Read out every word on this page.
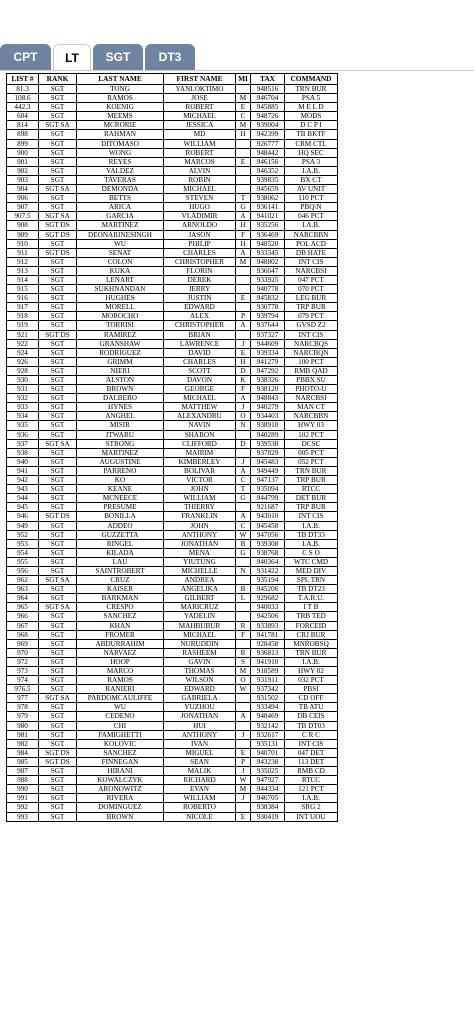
CPT	LT	SGT	DT3
LIST #	RANK	LAST NAME	FIRST NAME	MI	TAX	COMMAND
81.3	SGT	TONG	YANLOKTIMO		948516	TRN BUR
108.6	SGT	RAMOS	JOSE	M	946704	PSA 5
442.3	SGT	KOENIG	ROBERT	E	945885	M E L D
604	SGT	MEEMS	MICHAEL	C	948726	MODS
814	SGT SA	MCRORIE	JESSICA	M	939004	D C P I
898	SGT	RAHMAN	MD	H	942399	TB BKTF
899	SGT	DITOMASO	WILLIAM		926777	CRM CTL
900	SGT	WONG	ROBERT		948442	HQ SEC
901	SGT	REYES	MARCOS	E	946156	PSA 3
902	SGT	VALDEZ	ALVIN		946352	I.A.B.
903	SGT	TAVERAS	ROBIN		939835	BX CT
904	SGT SA	DEMONDA	MICHAEL		945659	AV UNIT
906	SGT	BETTS	STEVEN	T	938062	110 PCT
907	SGT	ARICA	HUGO	G	936141	PBQ\N
907.5	SGT SA	GARCIA	VLADIMIR	A	941021	046 PCT
908	SGT DS	MARTINEZ	ARNOLDO	H	935256	I.A.B.
909	SGT DS	DEONARINESINGH	JASON	F	936469	NARCBBN
910	SGT	WU	PHILIP	H	948520	POL ACD
911	SGT DS	SENAT	CHARLES	A	933345	DB HATE
912	SGT	COLON	CHRISTOPHER	M	948802	INT CIS
913	SGT	KUKA	FLORIN		936047	NARCBSI
914	SGT	LENART	DEREK		933925	047 PCT
915	SGT	SUKHNANDAN	JERRY		940778	070 PCT
916	SGT	HUGHES	JUSTIN	E	945832	LEG BUR
917	SGT	MORELL	EDWARD		930778	TRP BUR
918	SGT	MOROCHO	ALEX	P	939794	079 PCT
919	SGT	TORRISI	CHRISTOPHER	A	937644	GVSD Z2
921	SGT DS	RAMIREZ	BRIAN		937327	INT CIS
922	SGT	GRANSHAW	LAWRENCE	J	944609	NARCBQS
924	SGT	RODRIGUEZ	DAVID	E	939334	NARCBQN
926	SGT	GRIMM	CHARLES	H	941279	100 PCT
928	SGT	NIERI	SCOTT	D	947292	RMB QAD
930	SGT	ALSTON	DAVON	K	938326	PBBX SU
931	SGT	BROWN	GEORGE	F	938120	PHOTO-U
932	SGT	DALBERO	MICHAEL	A	948843	NARCBSI
933	SGT	HYNES	MATTHEW	J	940279	MAN CT
934	SGT	ANGHEL	ALEXANDRU	O	934403	NARCBBN
935	SGT	MISIR	NAVIN	N	938910	HWY 03
936	SGT	ITWARU	SHARON		940289	102 PCT
937	SGT SA	STRONG	CLIFFORD	D	939538	DCSC
938	SGT	MARTINEZ	MAIRIM		937829	005 PCT
940	SGT	AUGUSTINE	KIMBERLEY	J	945483	052 PCT
941	SGT	PARRENO	BOLIVAR	A	949449	TRN BUR
942	SGT	KO	VICTOR	C	947137	TRP BUR
943	SGT	KEANE	JOHN	T	935094	RTCC
944	SGT	MCNEECE	WILLIAM	G	944799	DET BUR
945	SGT	PRESUME	THIERRY		921687	TRP BUR
946	SGT DS	BONILLA	FRANKLIN	A	943010	INT CIS
949	SGT	ADDEO	JOHN	C	945458	I.A.B.
952	SGT	GUZZETTA	ANTHONY	W	947056	TB DT33
953	SGT	RINGEL	JONATHAN	B	939308	I.A.B.
954	SGT	KILADA	MENA	G	938768	C S O
955	SGT	LAU	YIUTUNG		940364	WTC CMD
956	SGT	SAINTROBERT	MICHELLE	N	931422	MED DIV
962	SGT SA	CRUZ	ANDREA		935194	SPL TRN
963	SGT	KAISER	ANGELIKA	B	945206	TB DT23
964	SGT	BARKMAN	GILBERT	L	929682	T.A.R.U.
965	SGT SA	CRESPO	MARICRUZ		940033	I T B
966	SGT	SANCHEZ	YADELIN		942506	TRB TED
967	SGT	KHAN	MAHBUBUR	R	933893	FORCEID
968	SGT	FROMER	MICHAEL	F	941781	CRJ BUR
969	SGT	ABDURRAHIM	NURUDDIN		928458	MNROBSQ
970	SGT	NARVAEZ	RASHEEM	R	936813	TRN BUR
972	SGT	HOOP	GAVIN	S	941910	I.A.B.
973	SGT	MARCO	THOMAS	M	918589	HWY 02
974	SGT	RAMOS	WILSON	O	931911	032 PCT
976.5	SGT	RANIERI	EDWARD	W	937342	PBSI
977	SGT SA	PARDOMCAULIFFE	GABRIELA		931502	CD OFF
978	SGT	WU	YUZHOU		933494	TB ATU
979	SGT	CEDENO	JONATHAN	A	948469	DB CEIS
980	SGT	CHI	HUI		932142	TB DT03
981	SGT	FAMIGHETTI	ANTHONY	J	932617	C R C
982	SGT	KOLOVIC	IVAN		935131	INT CIS
984	SGT DS	SANCHEZ	MIGUEL	E	940701	047 DET
985	SGT DS	FINNEGAN	SEAN	P	943238	113 DET
987	SGT	HIRANI	MALIK	J	935025	RMB CD
988	SGT	KOWALCZYK	RICHARD	W	947927	RTCC
990	SGT	ARONOWITZ	EVAN	M	944334	121 PCT
991	SGT	RIVERA	WILLIAM	J	946705	I.A.B.
992	SGT	DOMINGUEZ	ROBERTO		938384	SRG 2
993	SGT	BROWN	NICOLE	E	930419	INT UOU
